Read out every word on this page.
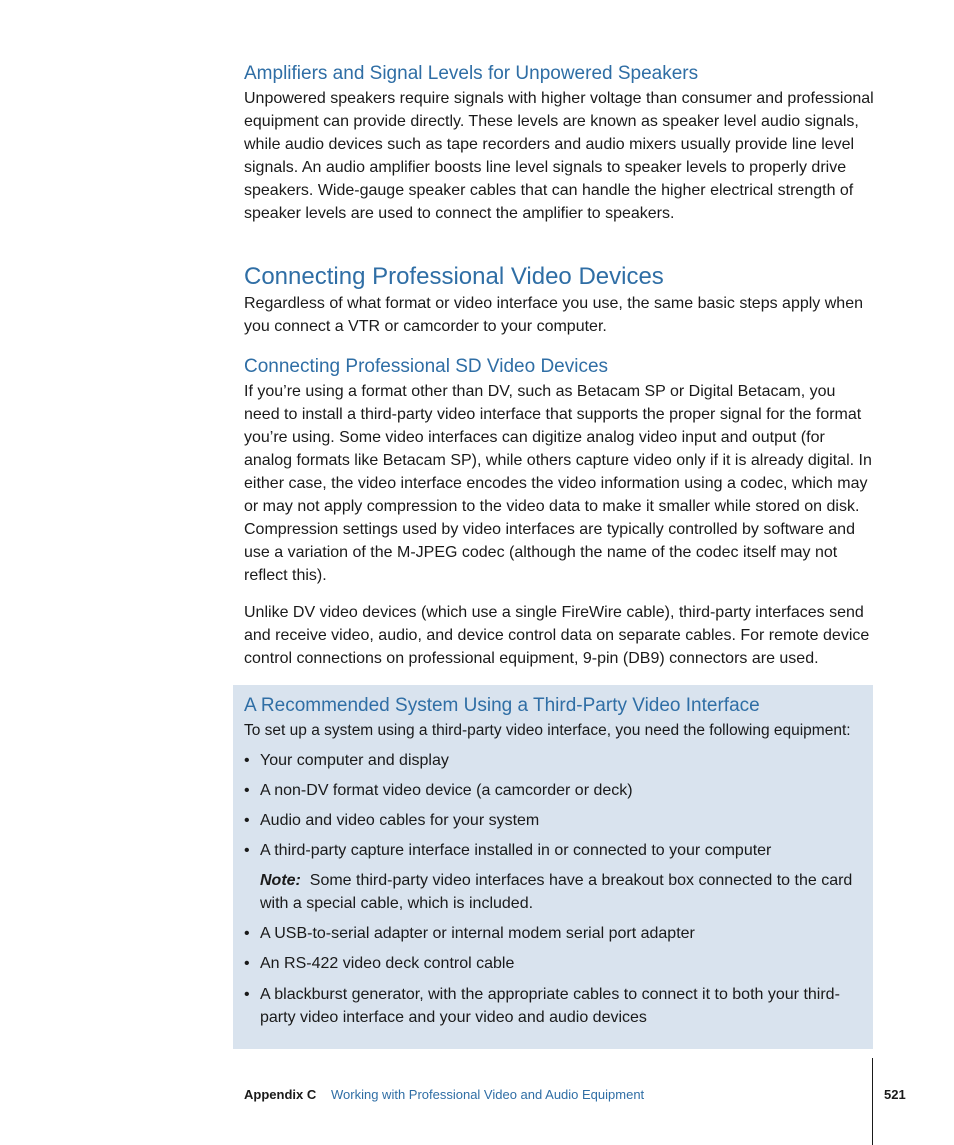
Amplifiers and Signal Levels for Unpowered Speakers

Unpowered speakers require signals with higher voltage than consumer and professional equipment can provide directly. These levels are known as speaker level audio signals, while audio devices such as tape recorders and audio mixers usually provide line level signals. An audio amplifier boosts line level signals to speaker levels to properly drive speakers. Wide-gauge speaker cables that can handle the higher electrical strength of speaker levels are used to connect the amplifier to speakers.

Connecting Professional Video Devices

Regardless of what format or video interface you use, the same basic steps apply when you connect a VTR or camcorder to your computer.

Connecting Professional SD Video Devices

If you’re using a format other than DV, such as Betacam SP or Digital Betacam, you need to install a third-party video interface that supports the proper signal for the format you’re using. Some video interfaces can digitize analog video input and output (for analog formats like Betacam SP), while others capture video only if it is already digital. In either case, the video interface encodes the video information using a codec, which may or may not apply compression to the video data to make it smaller while stored on disk. Compression settings used by video interfaces are typically controlled by software and use a variation of the M-JPEG codec (although the name of the codec itself may not reflect this).

Unlike DV video devices (which use a single FireWire cable), third-party interfaces send and receive video, audio, and device control data on separate cables. For remote device control connections on professional equipment, 9-pin (DB9) connectors are used.

A Recommended System Using a Third-Party Video Interface

To set up a system using a third-party video interface, you need the following equipment:

• Your computer and display
• A non-DV format video device (a camcorder or deck)
• Audio and video cables for your system
• A third-party capture interface installed in or connected to your computer

Note: Some third-party video interfaces have a breakout box connected to the card with a special cable, which is included.

• A USB-to-serial adapter or internal modem serial port adapter
• An RS-422 video deck control cable
• A blackburst generator, with the appropriate cables to connect it to both your third-party video interface and your video and audio devices
Appendix C Working with Professional Video and Audio Equipment	521
